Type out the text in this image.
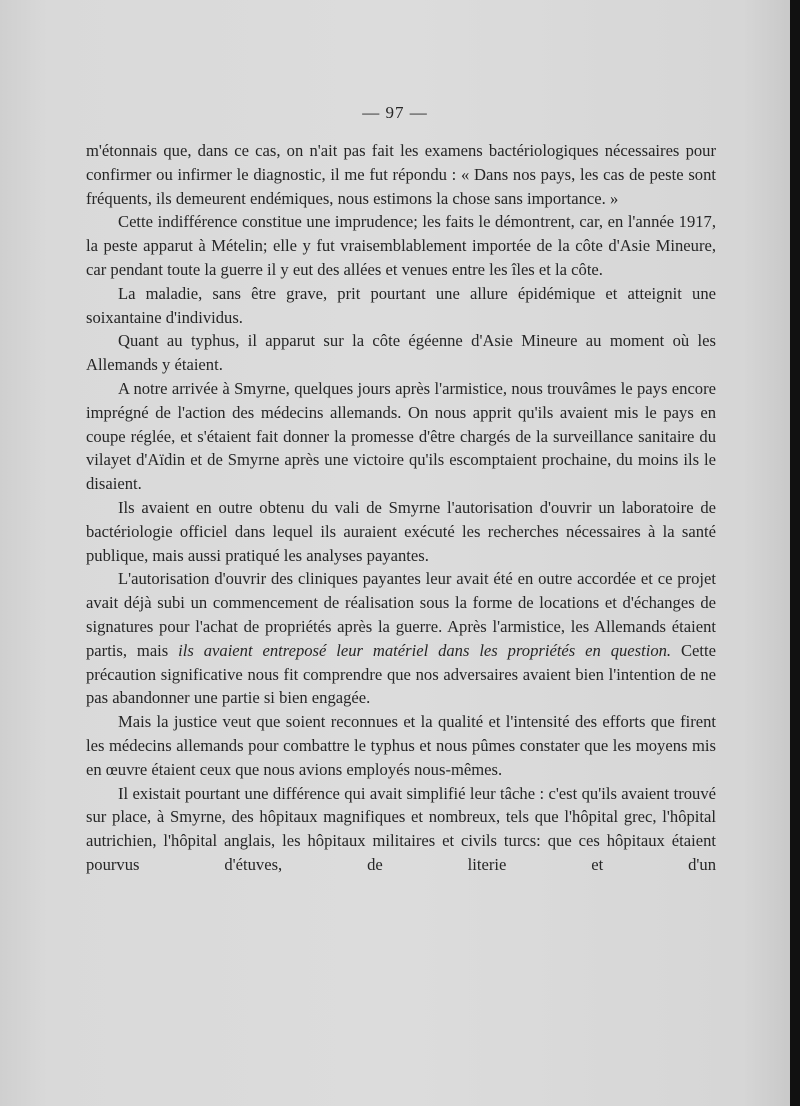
— 97 —

m'étonnais que, dans ce cas, on n'ait pas fait les examens bactériologiques nécessaires pour confirmer ou infirmer le diagnostic, il me fut répondu : « Dans nos pays, les cas de peste sont fréquents, ils demeurent endémiques, nous estimons la chose sans importance. »

Cette indifférence constitue une imprudence; les faits le démontrent, car, en l'année 1917, la peste apparut à Mételin; elle y fut vraisemblablement importée de la côte d'Asie Mineure, car pendant toute la guerre il y eut des allées et venues entre les îles et la côte.

La maladie, sans être grave, prit pourtant une allure épidémique et atteignit une soixantaine d'individus.

Quant au typhus, il apparut sur la côte égéenne d'Asie Mineure au moment où les Allemands y étaient.

A notre arrivée à Smyrne, quelques jours après l'armistice, nous trouvâmes le pays encore imprégné de l'action des médecins allemands. On nous apprit qu'ils avaient mis le pays en coupe réglée, et s'étaient fait donner la promesse d'être chargés de la surveillance sanitaire du vilayet d'Aïdin et de Smyrne après une victoire qu'ils escomptaient prochaine, du moins ils le disaient.

Ils avaient en outre obtenu du vali de Smyrne l'autorisation d'ouvrir un laboratoire de bactériologie officiel dans lequel ils auraient exécuté les recherches nécessaires à la santé publique, mais aussi pratiqué les analyses payantes.

L'autorisation d'ouvrir des cliniques payantes leur avait été en outre accordée et ce projet avait déjà subi un commencement de réalisation sous la forme de locations et d'échanges de signatures pour l'achat de propriétés après la guerre. Après l'armistice, les Allemands étaient partis, mais ils avaient entreposé leur matériel dans les propriétés en question. Cette précaution significative nous fit comprendre que nos adversaires avaient bien l'intention de ne pas abandonner une partie si bien engagée.

Mais la justice veut que soient reconnues et la qualité et l'intensité des efforts que firent les médecins allemands pour combattre le typhus et nous pûmes constater que les moyens mis en œuvre étaient ceux que nous avions employés nous-mêmes.

Il existait pourtant une différence qui avait simplifié leur tâche : c'est qu'ils avaient trouvé sur place, à Smyrne, des hôpitaux magnifiques et nombreux, tels que l'hôpital grec, l'hôpital autrichien, l'hôpital anglais, les hôpitaux militaires et civils turcs: que ces hôpitaux étaient pourvus d'étuves, de literie et d'un
